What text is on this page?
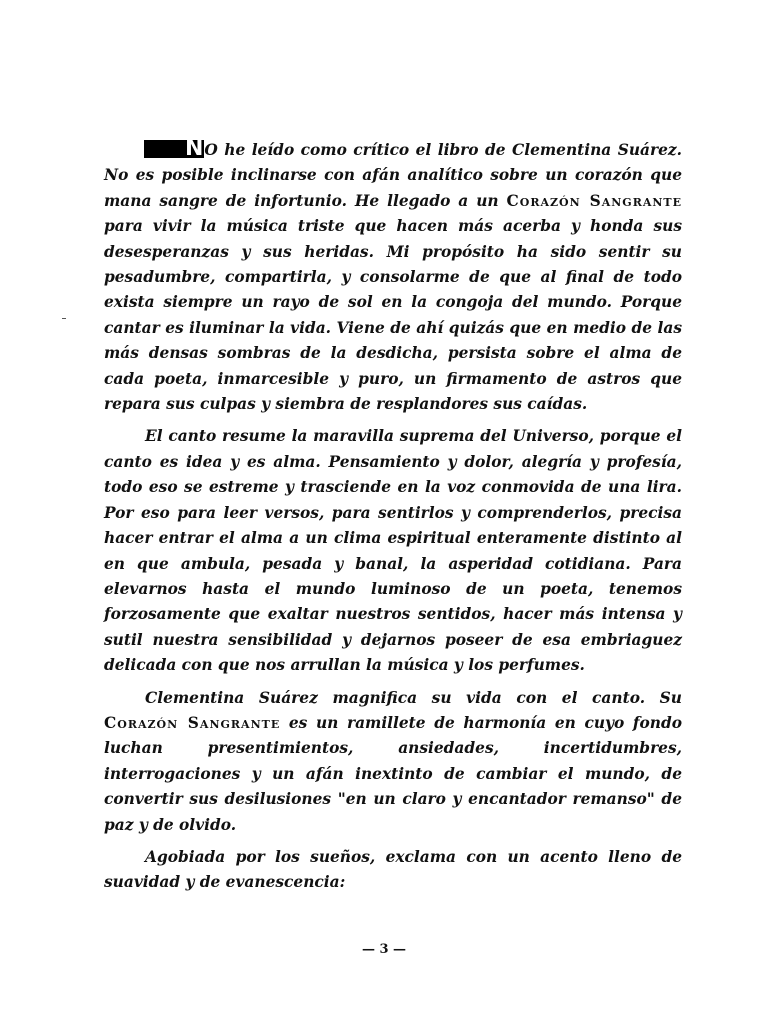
NO he leído como crítico el libro de Clementina Suárez. No es posible inclinarse con afán analítico sobre un corazón que mana sangre de infortunio. He llegado a un Corazón Sangrante para vivir la música triste que hacen más acerba y honda sus desesperanzas y sus heridas. Mi propósito ha sido sentir su pesadumbre, compartirla, y consolarme de que al final de todo exista siempre un rayo de sol en la congoja del mundo. Porque cantar es iluminar la vida. Viene de ahí quizás que en medio de las más densas sombras de la desdicha, persista sobre el alma de cada poeta, inmarcesible y puro, un firmamento de astros que repara sus culpas y siembra de resplandores sus caídas.

El canto resume la maravilla suprema del Universo, porque el canto es idea y es alma. Pensamiento y dolor, alegría y profesía, todo eso se estreme y trasciende en la voz conmovida de una lira. Por eso para leer versos, para sentirlos y comprenderlos, precisa hacer entrar el alma a un clima espiritual enteramente distinto al en que ambula, pesada y banal, la asperidad cotidiana. Para elevarnos hasta el mundo luminoso de un poeta, tenemos forzosamente que exaltar nuestros sentidos, hacer más intensa y sutil nuestra sensibilidad y dejarnos poseer de esa embriaguez delicada con que nos arrullan la música y los perfumes.

Clementina Suárez magnifica su vida con el canto. Su Corazón Sangrante es un ramillete de harmonía en cuyo fondo luchan presentimientos, ansiedades, incertidumbres, interrogaciones y un afán inextinto de cambiar el mundo, de convertir sus desilusiones "en un claro y encantador remanso" de paz y de olvido.

Agobiada por los sueños, exclama con un acento lleno de suavidad y de evanescencia:

— 3 —
